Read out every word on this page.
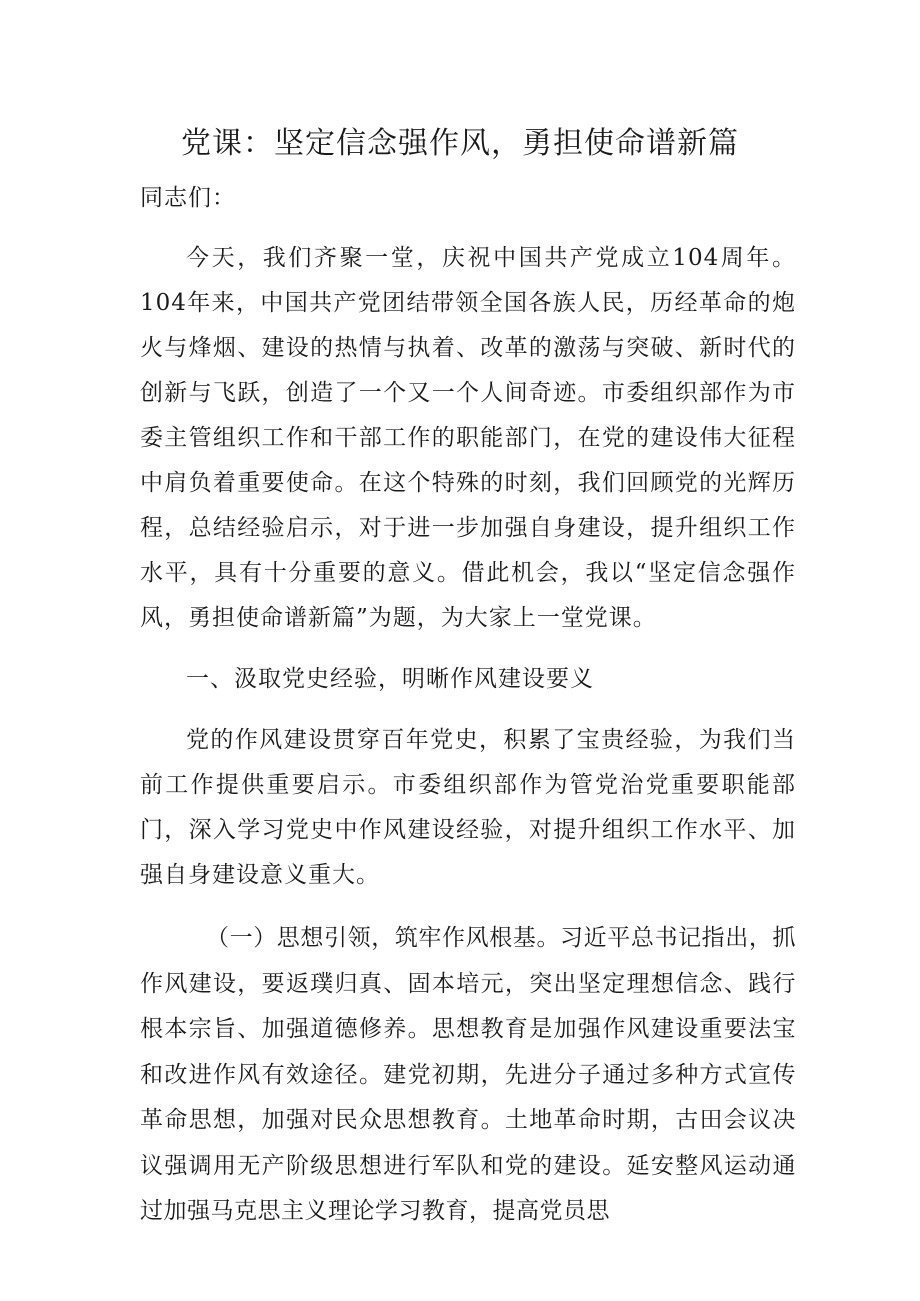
党课：坚定信念强作风，勇担使命谱新篇

同志们：

今天，我们齐聚一堂，庆祝中国共产党成立104周年。104年来，中国共产党团结带领全国各族人民，历经革命的炮火与烽烟、建设的热情与执着、改革的激荡与突破、新时代的创新与飞跃，创造了一个又一个人间奇迹。市委组织部作为市委主管组织工作和干部工作的职能部门，在党的建设伟大征程中肩负着重要使命。在这个特殊的时刻，我们回顾党的光辉历程，总结经验启示，对于进一步加强自身建设，提升组织工作水平，具有十分重要的意义。借此机会，我以“坚定信念强作风，勇担使命谱新篇”为题，为大家上一堂党课。

一、汲取党史经验，明晰作风建设要义

党的作风建设贯穿百年党史，积累了宝贵经验，为我们当前工作提供重要启示。市委组织部作为管党治党重要职能部门，深入学习党史中作风建设经验，对提升组织工作水平、加强自身建设意义重大。

（一）思想引领，筑牢作风根基。习近平总书记指出，抓作风建设，要返璞归真、固本培元，突出坚定理想信念、践行根本宗旨、加强道德修养。思想教育是加强作风建设重要法宝和改进作风有效途径。建党初期，先进分子通过多种方式宣传革命思想，加强对民众思想教育。土地革命时期，古田会议决议强调用无产阶级思想进行军队和党的建设。延安整风运动通过加强马克思主义理论学习教育，提高党员思
